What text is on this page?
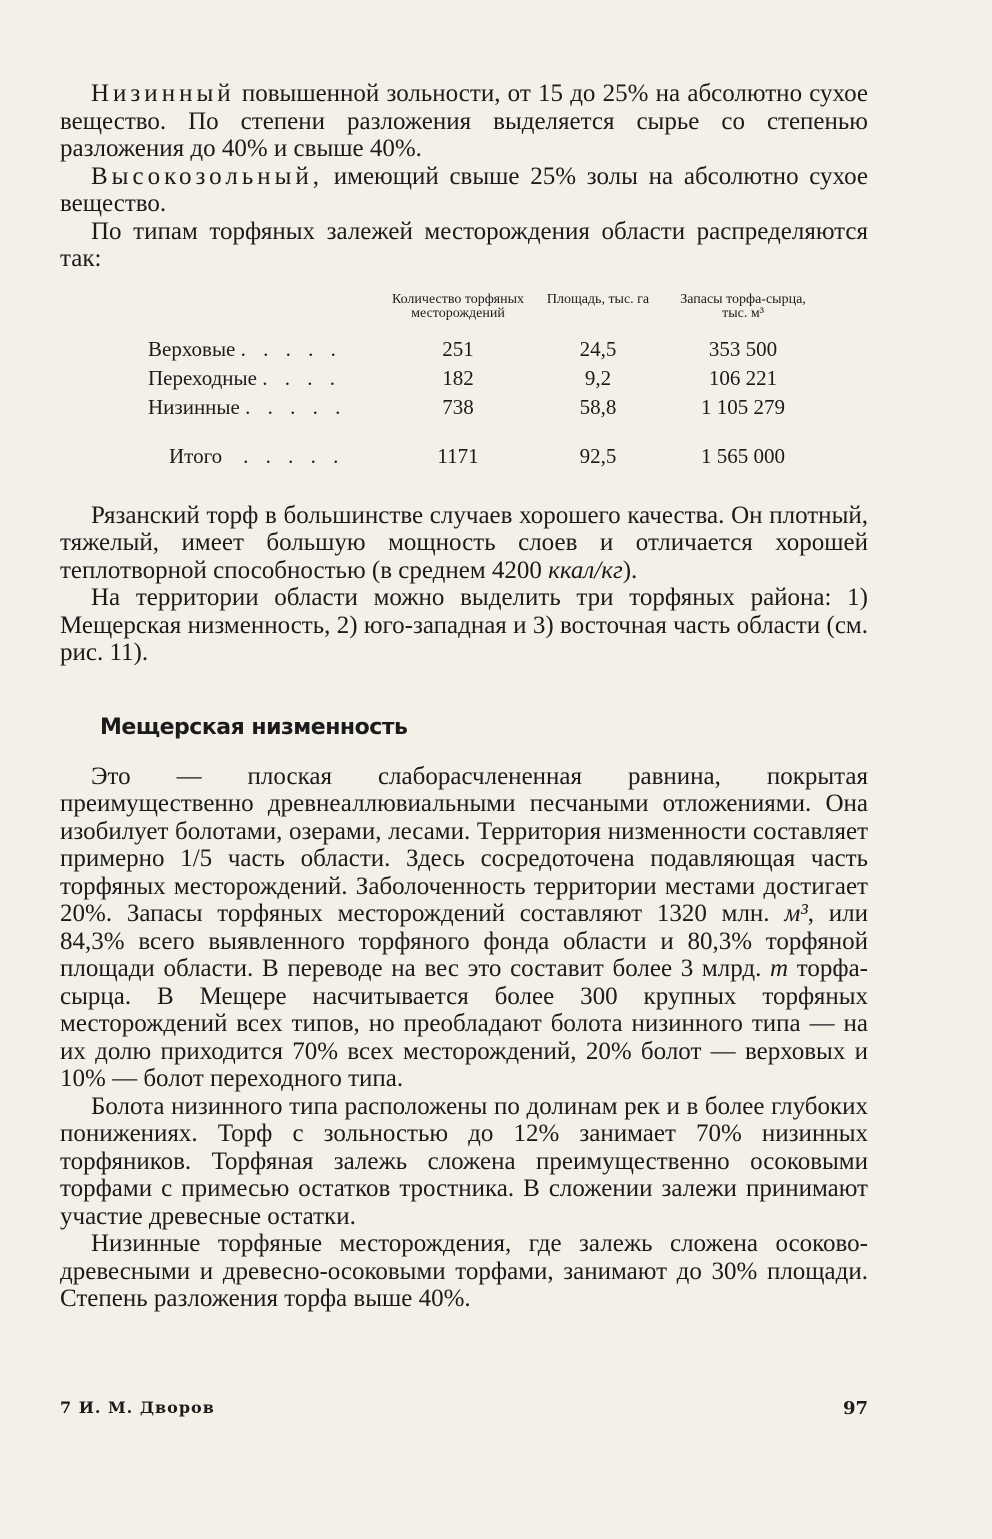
Низинный повышенной зольности, от 15 до 25% на абсолютно сухое вещество. По степени разложения выделяется сырье со степенью разложения до 40% и свыше 40%.

Высокозольный, имеющий свыше 25% золы на абсолютно сухое вещество.

По типам торфяных залежей месторождения области распределяются так:

	Количество торфяных месторождений	Площадь, тыс. га	Запасы торфа-сырца, тыс. м³
Верховые . . . . .	251	24,5	353 500
Переходные . . . .	182	9,2	106 221
Низинные . . . . .	738	58,8	1 105 279
Итого . . . . .	1171	92,5	1 565 000

Рязанский торф в большинстве случаев хорошего качества. Он плотный, тяжелый, имеет большую мощность слоев и отличается хорошей теплотворной способностью (в среднем 4200 ккал/кг).

На территории области можно выделить три торфяных района: 1) Мещерская низменность, 2) юго-западная и 3) восточная часть области (см. рис. 11).

Мещерская низменность

Это — плоская слаборасчлененная равнина, покрытая преимущественно древнеаллювиальными песчаными отложениями. Она изобилует болотами, озерами, лесами. Территория низменности составляет примерно 1/5 часть области. Здесь сосредоточена подавляющая часть торфяных месторождений. Заболоченность территории местами достигает 20%. Запасы торфяных месторождений составляют 1320 млн. м³, или 84,3% всего выявленного торфяного фонда области и 80,3% торфяной площади области. В переводе на вес это составит более 3 млрд. т торфа-сырца. В Мещере насчитывается более 300 крупных торфяных месторождений всех типов, но преобладают болота низинного типа — на их долю приходится 70% всех месторождений, 20% болот — верховых и 10% — болот переходного типа.

Болота низинного типа расположены по долинам рек и в более глубоких понижениях. Торф с зольностью до 12% занимает 70% низинных торфяников. Торфяная залежь сложена преимущественно осоковыми торфами с примесью остатков тростника. В сложении залежи принимают участие древесные остатки.

Низинные торфяные месторождения, где залежь сложена осоково-древесными и древесно-осоковыми торфами, занимают до 30% площади. Степень разложения торфа выше 40%.

7 И. М. Дворов	97
